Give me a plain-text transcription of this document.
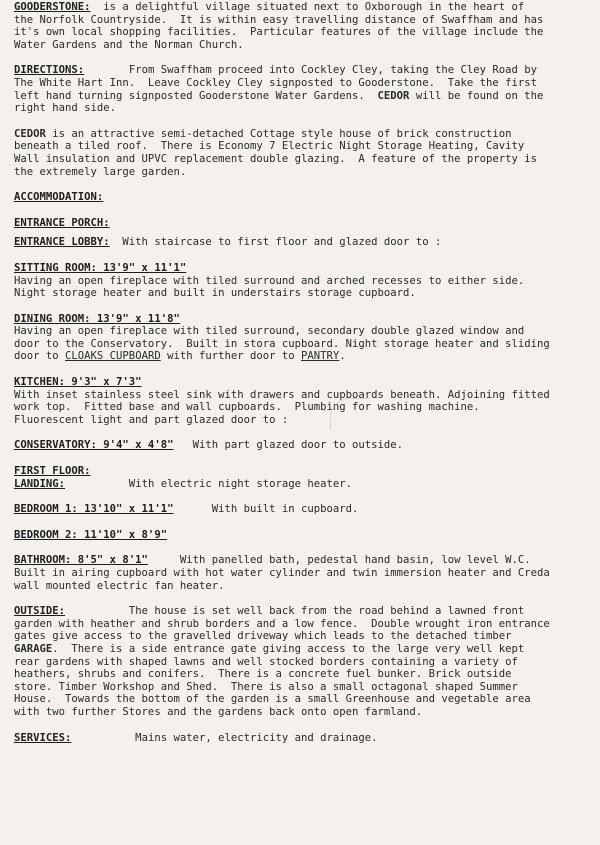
GOODERSTONE:  is a delightful village situated next to Oxborough in the heart of
the Norfolk Countryside.  It is within easy travelling distance of Swaffham and has
it's own local shopping facilities.  Particular features of the village include the
Water Gardens and the Norman Church.
DIRECTIONS:       From Swaffham proceed into Cockley Cley, taking the Cley Road by
The White Hart Inn.  Leave Cockley Cley signposted to Gooderstone.  Take the first
left hand turning signposted Gooderstone Water Gardens.  CEDOR will be found on the
right hand side.
CEDOR is an attractive semi-detached Cottage style house of brick construction
beneath a tiled roof.  There is Economy 7 Electric Night Storage Heating, Cavity
Wall insulation and UPVC replacement double glazing.  A feature of the property is
the extremely large garden.
ACCOMMODATION:
ENTRANCE PORCH:
ENTRANCE LOBBY:  With staircase to first floor and glazed door to :
SITTING ROOM: 13'9" x 11'1"
Having an open fireplace with tiled surround and arched recesses to either side.
Night storage heater and built in understairs storage cupboard.
DINING ROOM: 13'9" x 11'8"
Having an open fireplace with tiled surround, secondary double glazed window and
door to the Conservatory.  Built in stora cupboard. Night storage heater and sliding
door to CLOAKS CUPBOARD with further door to PANTRY.
KITCHEN: 9'3" x 7'3"
With inset stainless steel sink with drawers and cupboards beneath. Adjoining fitted
work top.  Fitted base and wall cupboards.  Plumbing for washing machine.
Fluorescent light and part glazed door to :
CONSERVATORY: 9'4" x 4'8"   With part glazed door to outside.
FIRST FLOOR:
LANDING:          With electric night storage heater.
BEDROOM 1: 13'10" x 11'1"      With built in cupboard.
BEDROOM 2: 11'10" x 8'9"
BATHROOM: 8'5" x 8'1"     With panelled bath, pedestal hand basin, low level W.C.
Built in airing cupboard with hot water cylinder and twin immersion heater and Creda
wall mounted electric fan heater.
OUTSIDE:          The house is set well back from the road behind a lawned front
garden with heather and shrub borders and a low fence.  Double wrought iron entrance
gates give access to the gravelled driveway which leads to the detached timber
GARAGE.  There is a side entrance gate giving access to the large very well kept
rear gardens with shaped lawns and well stocked borders containing a variety of
heathers, shrubs and conifers.  There is a concrete fuel bunker. Brick outside
store. Timber Workshop and Shed.  There is also a small octagonal shaped Summer
House.  Towards the bottom of the garden is a small Greenhouse and vegetable area
with two further Stores and the gardens back onto open farmland.
SERVICES:          Mains water, electricity and drainage.
